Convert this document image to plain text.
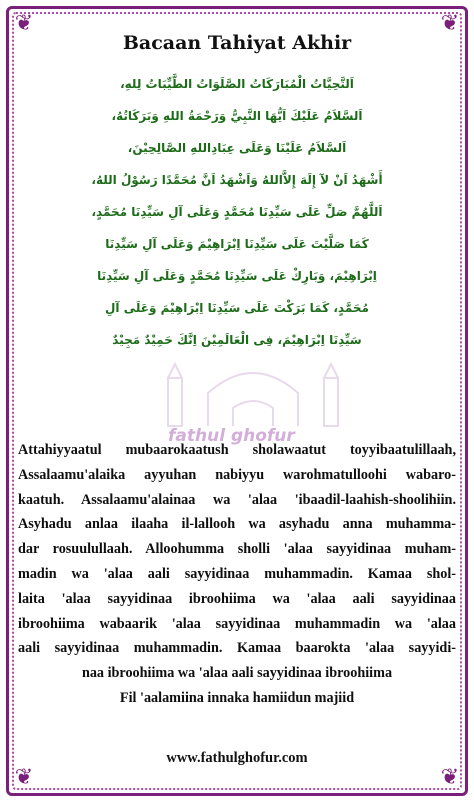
❦	❦
❦	❦
Bacaan Tahiyat Akhir
اَلتَّحِيَّاتُ الْمُبَارَكَاتُ الصَّلَوَاتُ الطَّيِّبَاتُ لِلهِ،
اَلسَّلاَمُ عَلَيْكَ اَيُّهَا النَّبِيُّ وَرَحْمَةُ اللهِ وَبَرَكَاتُهُ،
اَلسَّلاَمُ عَلَيْنَا وَعَلَى عِبَادِاللهِ الصَّالِحِيْنَ،
أَشْهَدُ اَنْ لآ إِلَهَ إِلاَّاللهُ وَاَشْهَدُ اَنَّ مُحَمَّدًا رَسُوْلُ اللهُ،
اَللَّهُمَّ صَلِّ عَلَى سَيِّدِنَا مُحَمَّدٍ وَعَلَى آلِ سَيِّدِنَا مُحَمَّدٍ،
كَمَا صَلَّيْتَ عَلَى سَيِّدِنَا اِبْرَاهِيْمَ وَعَلَى آلِ سَيِّدِنَا
اِبْرَاهِيْمَ، وَبَارِكْ عَلَى سَيِّدِنَا مُحَمَّدٍ وَعَلَى آلِ سَيِّدِنَا
مُحَمَّدٍ، كَمَا بَرَكْتَ عَلَى سَيِّدِنَا اِبْرَاهِيْمَ وَعَلَى آلِ
سَيِّدِنَا اِبْرَاهِيْمَ، فِى الْعَالَمِيْنَ اِنَّكَ حَمِيْدٌ مَجِيْدٌ
fathul ghofur
Attahiyyaatul mubaarokaatush sholawaatut toyyibaatulillaah,
Assalaamu'alaika ayyuhan nabiyyu warohmatulloohi wabaro-
kaatuh. Assalaamu'alainaa wa 'alaa 'ibaadil-laahish-shoolihiin.
Asyhadu anlaa ilaaha il-lallooh wa asyhadu anna muhamma-
dar rosuulullaah. Alloohumma sholli 'alaa sayyidinaa muham-
madin wa 'alaa aali sayyidinaa muhammadin. Kamaa shol-
laita 'alaa sayyidinaa ibroohiima wa 'alaa aali sayyidinaa
ibroohiima wabaarik 'alaa sayyidinaa muhammadin wa 'alaa
aali sayyidinaa muhammadin. Kamaa baarokta 'alaa sayyidi-
naa ibroohiima wa 'alaa aali sayyidinaa ibroohiima
Fil 'aalamiina innaka hamiidun majiid
www.fathulghofur.com
